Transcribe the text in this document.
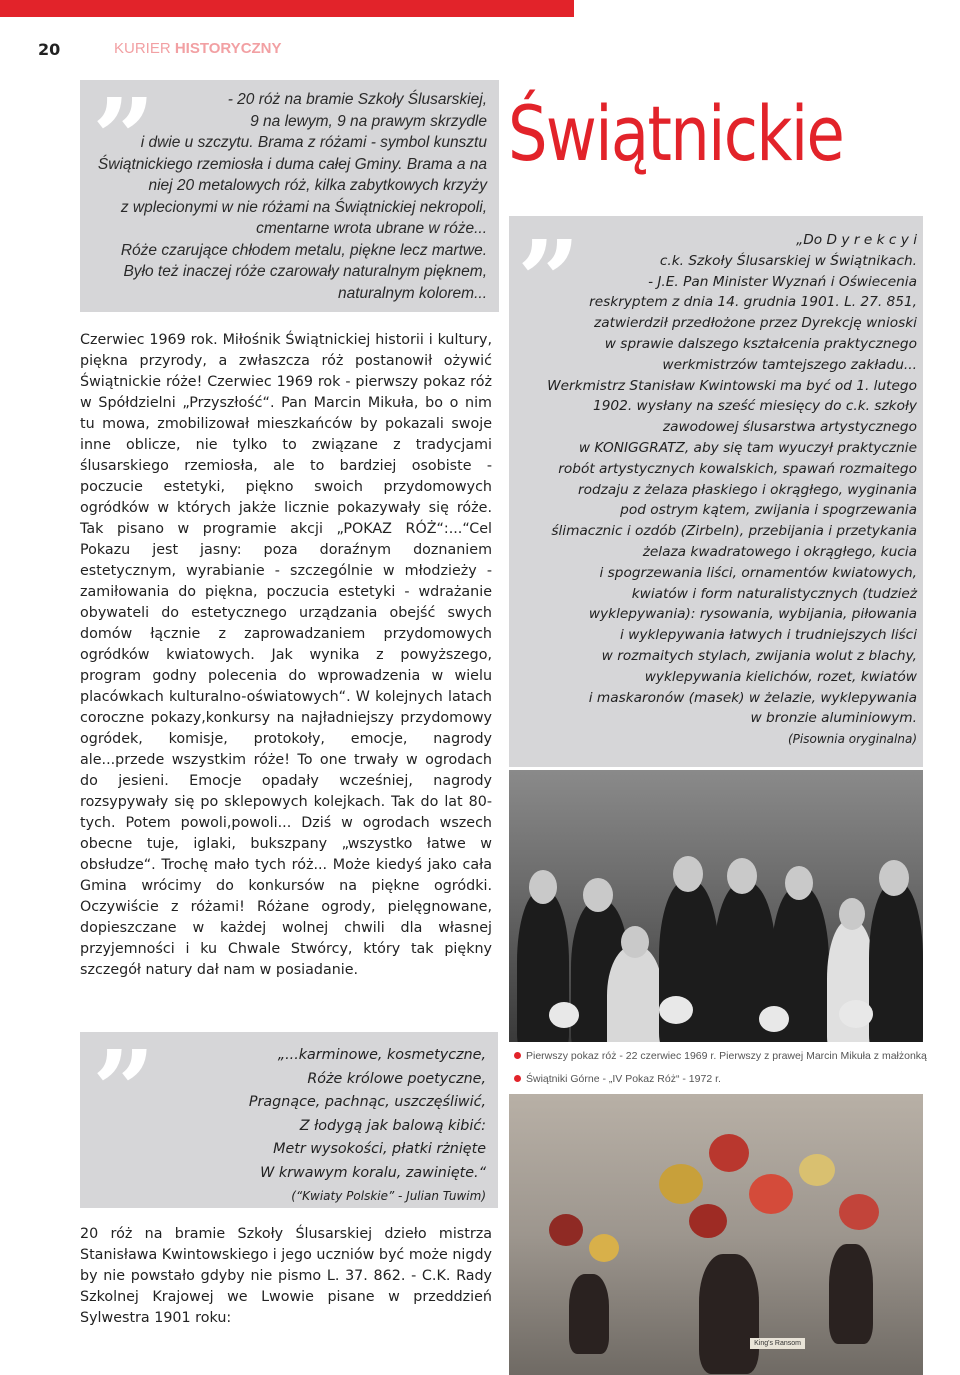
20	KURIER HISTORYCZNY
”	- 20 róż na bramie Szkoły Ślusarskiej,
9 na lewym, 9 na prawym skrzydle
i dwie u szczytu. Brama z różami - symbol kunsztu
Świątnickiego rzemiosła i duma całej Gminy. Brama a na
niej 20 metalowych róż, kilka zabytkowych krzyży
z wplecionymi w nie różami na Świątnickiej nekropoli,
cmentarne wrota ubrane w róże...
Róże czarujące chłodem metalu, piękne lecz martwe.
Było też inaczej róże czarowały naturalnym pięknem,
naturalnym kolorem...
Czerwiec 1969 rok. Miłośnik Świątnickiej historii i kultury, piękna przyrody, a zwłaszcza róż postanowił ożywić Świątnickie róże! Czerwiec 1969 rok - pierwszy pokaz róż w Spółdzielni „Przyszłość“. Pan Marcin Mikuła, bo o nim tu mowa, zmobilizował mieszkańców by pokazali swoje inne oblicze, nie tylko to związane z tradycjami ślusarskiego rzemiosła, ale to bardziej osobiste - poczucie estetyki, piękno swoich przydomowych ogródków w których jakże licznie pokazywały się róże. Tak pisano w programie akcji „POKAZ RÓŻ“:...“Cel Pokazu jest jasny: poza doraźnym doznaniem estetycznym, wyrabianie - szczególnie w młodzieży - zamiłowania do piękna, poczucia estetyki - wdrażanie obywateli do estetycznego urządzania obejść swych domów łącznie z zaprowadzaniem przydomowych ogródków kwiatowych. Jak wynika z powyższego, program godny polecenia do wprowadzenia w wielu placówkach kulturalno-oświatowych“. W kolejnych latach coroczne pokazy,konkursy na najładniejszy przydomowy ogródek, komisje, protokoły, emocje, nagrody ale...przede wszystkim róże! To one trwały w ogrodach do jesieni. Emocje opadały wcześniej, nagrody rozsypywały się po sklepowych kolejkach. Tak do lat 80-tych. Potem powoli,powoli... Dziś w ogrodach wszech obecne tuje, iglaki, bukszpany „wszystko łatwe w obsłudze“. Trochę mało tych róż... Może kiedyś jako cała Gmina wrócimy do konkursów na piękne ogródki. Oczywiście z różami! Różane ogrody, pielęgnowane, dopieszczane w każdej wolnej chwili dla własnej przyjemności i ku Chwale Stwórcy, który tak piękny szczegół natury dał nam w posiadanie.
Świątnickie
”	„Do D y r e k c y i
c.k. Szkoły Ślusarskiej w Świątnikach.
- J.E. Pan Minister Wyznań i Oświecenia
reskryptem z dnia 14. grudnia 1901. L. 27. 851,
zatwierdził przedłożone przez Dyrekcję wnioski
w sprawie dalszego kształcenia praktycznego
werkmistrzów tamtejszego zakładu...
Werkmistrz Stanisław Kwintowski ma być od 1. lutego
1902. wysłany na sześć miesięcy do c.k. szkoły
zawodowej ślusarstwa artystycznego
w KONIGGRATZ, aby się tam wyuczył praktycznie
robót artystycznych kowalskich, spawań rozmaitego
rodzaju z żelaza płaskiego i okrągłego, wyginania
pod ostrym kątem, zwijania i spogrzewania
ślimacznic i ozdób (Zirbeln), przebijania i przetykania
żelaza kwadratowego i okrągłego, kucia
i spogrzewania liści, ornamentów kwiatowych,
kwiatów i form naturalistycznych (tudzież
wyklepywania): rysowania, wybijania, piłowania
i wyklepywania łatwych i trudniejszych liści
w rozmaitych stylach, zwijania wolut z blachy,
wyklepywania kielichów, rozet, kwiatów
i maskaronów (masek) w żelazie, wyklepywania
w bronzie aluminiowym.
(Pisownia oryginalna)
Pierwszy pokaz róż - 22 czerwiec 1969 r. Pierwszy z prawej Marcin Mikuła z małżonką
Świątniki Górne - „IV Pokaz Róż“ - 1972 r.
”	„...karminowe, kosmetyczne,
Róże królowe poetyczne,
Pragnące, pachnąc, uszczęśliwić,
Z łodygą jak balową kibić:
Metr wysokości, płatki rżnięte
W krwawym koralu, zawinięte.“
(“Kwiaty Polskie” - Julian Tuwim)
20 róż na bramie Szkoły Ślusarskiej dzieło mistrza Stanisława Kwintowskiego i jego uczniów być może nigdy by nie powstało gdyby nie pismo L. 37. 862. - C.K. Rady Szkolnej Krajowej we Lwowie pisane w przeddzień Sylwestra 1901 roku:
King's Ransom
